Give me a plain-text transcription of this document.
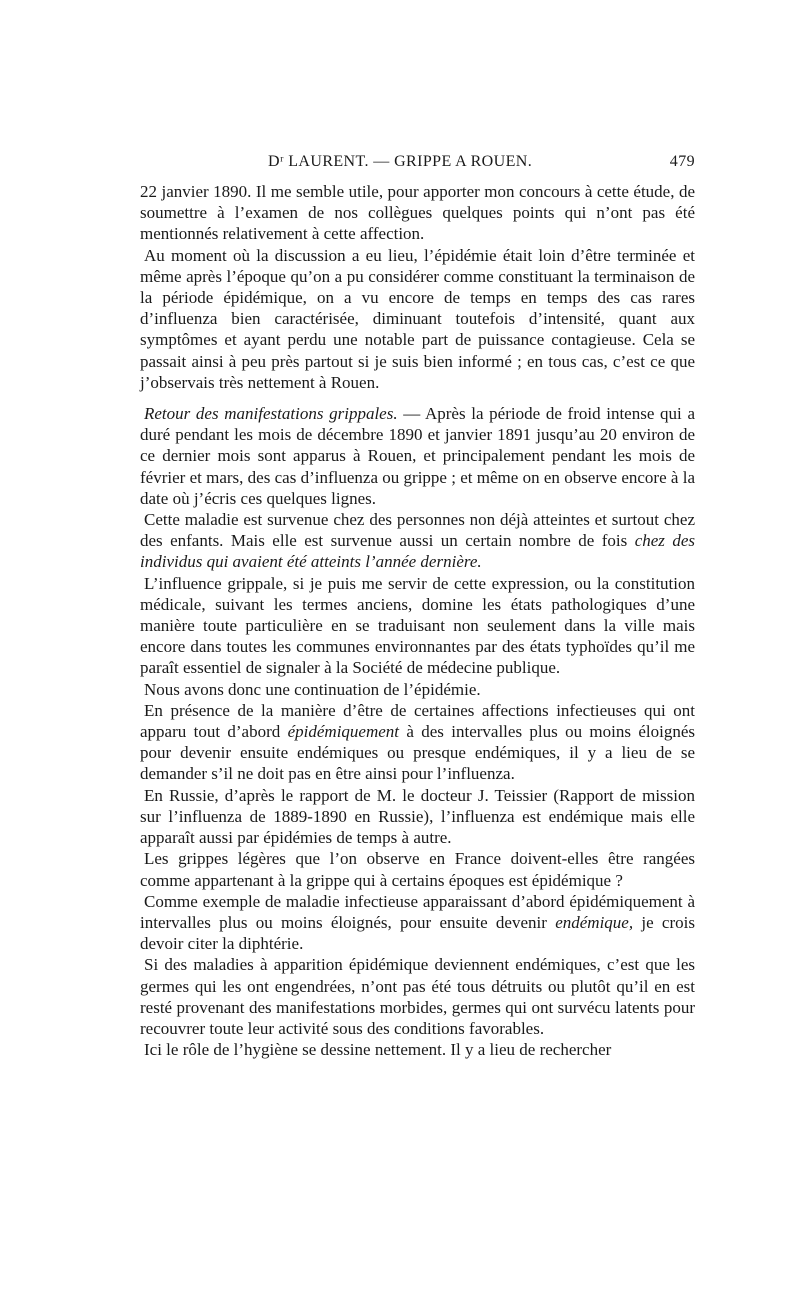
Dʳ LAURENT. — GRIPPE A ROUEN.	479

22 janvier 1890. Il me semble utile, pour apporter mon concours à cette étude, de soumettre à l’examen de nos collègues quelques points qui n’ont pas été mentionnés relativement à cette affection.

Au moment où la discussion a eu lieu, l’épidémie était loin d’être terminée et même après l’époque qu’on a pu considérer comme constituant la terminaison de la période épidémique, on a vu encore de temps en temps des cas rares d’influenza bien caractérisée, diminuant toutefois d’intensité, quant aux symptômes et ayant perdu une notable part de puissance contagieuse. Cela se passait ainsi à peu près partout si je suis bien informé ; en tous cas, c’est ce que j’observais très nettement à Rouen.

Retour des manifestations grippales. — Après la période de froid intense qui a duré pendant les mois de décembre 1890 et janvier 1891 jusqu’au 20 environ de ce dernier mois sont apparus à Rouen, et principalement pendant les mois de février et mars, des cas d’influenza ou grippe ; et même on en observe encore à la date où j’écris ces quelques lignes.

Cette maladie est survenue chez des personnes non déjà atteintes et surtout chez des enfants. Mais elle est survenue aussi un certain nombre de fois chez des individus qui avaient été atteints l’année dernière.

L’influence grippale, si je puis me servir de cette expression, ou la constitution médicale, suivant les termes anciens, domine les états pathologiques d’une manière toute particulière en se traduisant non seulement dans la ville mais encore dans toutes les communes environnantes par des états typhoïdes qu’il me paraît essentiel de signaler à la Société de médecine publique.

Nous avons donc une continuation de l’épidémie.

En présence de la manière d’être de certaines affections infectieuses qui ont apparu tout d’abord épidémiquement à des intervalles plus ou moins éloignés pour devenir ensuite endémiques ou presque endémiques, il y a lieu de se demander s’il ne doit pas en être ainsi pour l’influenza.

En Russie, d’après le rapport de M. le docteur J. Teissier (Rapport de mission sur l’influenza de 1889-1890 en Russie), l’influenza est endémique mais elle apparaît aussi par épidémies de temps à autre.

Les grippes légères que l’on observe en France doivent-elles être rangées comme appartenant à la grippe qui à certains époques est épidémique ?

Comme exemple de maladie infectieuse apparaissant d’abord épidémiquement à intervalles plus ou moins éloignés, pour ensuite devenir endémique, je crois devoir citer la diphtérie.

Si des maladies à apparition épidémique deviennent endémiques, c’est que les germes qui les ont engendrées, n’ont pas été tous détruits ou plutôt qu’il en est resté provenant des manifestations morbides, germes qui ont survécu latents pour recouvrer toute leur activité sous des conditions favorables.

Ici le rôle de l’hygiène se dessine nettement. Il y a lieu de rechercher
